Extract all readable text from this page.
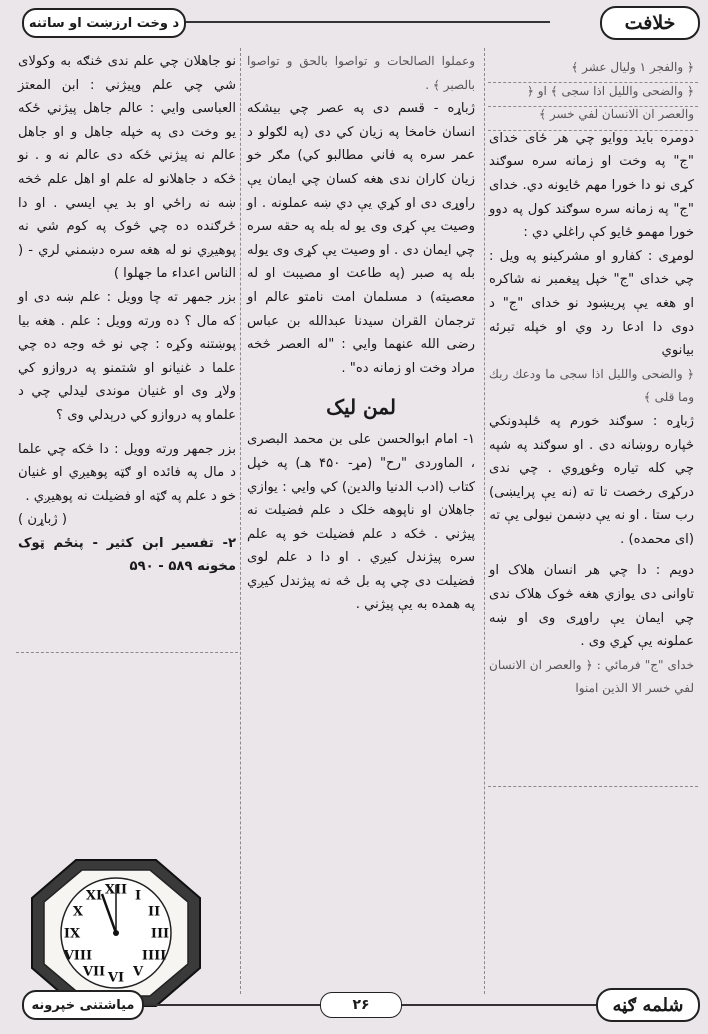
د وخت ارزښت او ساتنه	خلافت

﴿ والفجر ۱ وليال عشر ﴾

﴿ والضحى والليل اذا سجى ﴾ او ﴿

والعصر ان الانسان لفي خسر ﴾

دومره بايد ووايو چي هر ځاى خداى "ج" په وخت او زمانه سره سوګند کړى نو دا خورا مهم ځايونه دي. خداى "ج" په زمانه سره سوګند کول په دوو خورا مهمو ځايو کې راغلي دي :

لومړى : کفارو او مشرکينو په ويل : چي خداى "ج" خپل پيغمبر نه شاکره او هغه يې پريښود نو خداى "ج" د دوى دا ادعا رد وي او خپله تبرئه بيانوي

﴿ والضحى والليل اذا سجى ما ودعك ربك وما قلى ﴾

ژباړه : سوګند خورم په ځلېدونکي څپاره روښانه دى . او سوګند په شپه چي کله تياره وغوړوي . چي ندى درکړى رخصت تا ته (نه يې پرايښى) رب ستا . او نه يې دښمن نيولى يې ته

(اى محمده) .

دويم : دا چي هر انسان هلاک او تاوانى دى يوازي هغه څوک هلاک ندى چي ايمان يې راوړى وى او ښه عملونه يې کړي وى .

خداى "ج" فرمائي : ﴿ والعصر ان الانسان لفي خسر الا الذين امنوا

وعملوا الصالحات و تواصوا بالحق و تواصوا بالصبر ﴾ .

ژباړه - قسم دى په عصر چي بيشکه انسان خامخا په زيان کي دى (په لګولو د عمر سره په فاني مطالبو کي) مګر خو زيان کاران ندى هغه کسان چي ايمان يې راوړى دى او کړي يې دي ښه عملونه . او وصيت يې کړى وى يو له بله په حقه سره چي ايمان دى . او وصيت يې کړى وى يوله بله په صبر (په طاعت او مصيبت او له معصيته) د مسلمان امت نامتو عالم او ترجمان القران سيدنا عبدالله بن عباس رضى الله عنهما وايي : "له العصر څخه مراد وخت او زمانه ده" .

لمن ليک

۱- امام ابوالحسن على بن محمد البصرى ، الماوردى "رح" (مړ- ۴۵۰ هـ) په خپل کتاب (ادب الدنيا والدين) کي وايي : يوازي جاهلان او ناپوهه خلک د علم فضيلت نه پيژني . څکه د علم فضيلت خو په علم سره پيژندل کيږي . او دا د علم لوى فضيلت دى چي په بل څه نه پيژندل کيږي په همده به يې پيژني .

نو جاهلان چي علم ندى څنګه به وکولاى شي چي علم وپيژني : ابن المعتز العباسى وايي : عالم جاهل پيژني ځکه يو وخت دى په خپله جاهل و او جاهل عالم نه پيژني ځکه دى عالم نه و . نو څکه د جاهلانو له علم او اهل علم څخه ښه نه راځي او بد يې ايسي . او دا ځرګنده ده چي څوک په کوم شي نه پوهيږي نو له هغه سره دښمني لري - ( الناس اعداء ما جهلوا )

بزر جمهر ته چا وويل : علم ښه دى او که مال ؟ ده ورته وويل : علم . هغه بيا پوښتنه وکړه : چي نو څه وجه ده چي علما د غنيانو او شتمنو په دروازو کي ولاړ وى او غنيان موندى ليدلي چي د علماو په دروازو کي درېدلي وى ؟

بزر جمهر ورته وويل : دا څکه چي علما د مال په فائده او ګټه پوهيږي او غنيان خو د علم په ګټه او فضيلت نه پوهيږي .

( ژباړن )

۲- تفسير ابن کثير - پنځم ټوک مخونه ۵۸۹ - ۵۹۰

XII I
II
III
IIII
V
VI
VII
VIII
IX
X
XI
مياشتنى خپرونه	۲۶	شلمه ګڼه
